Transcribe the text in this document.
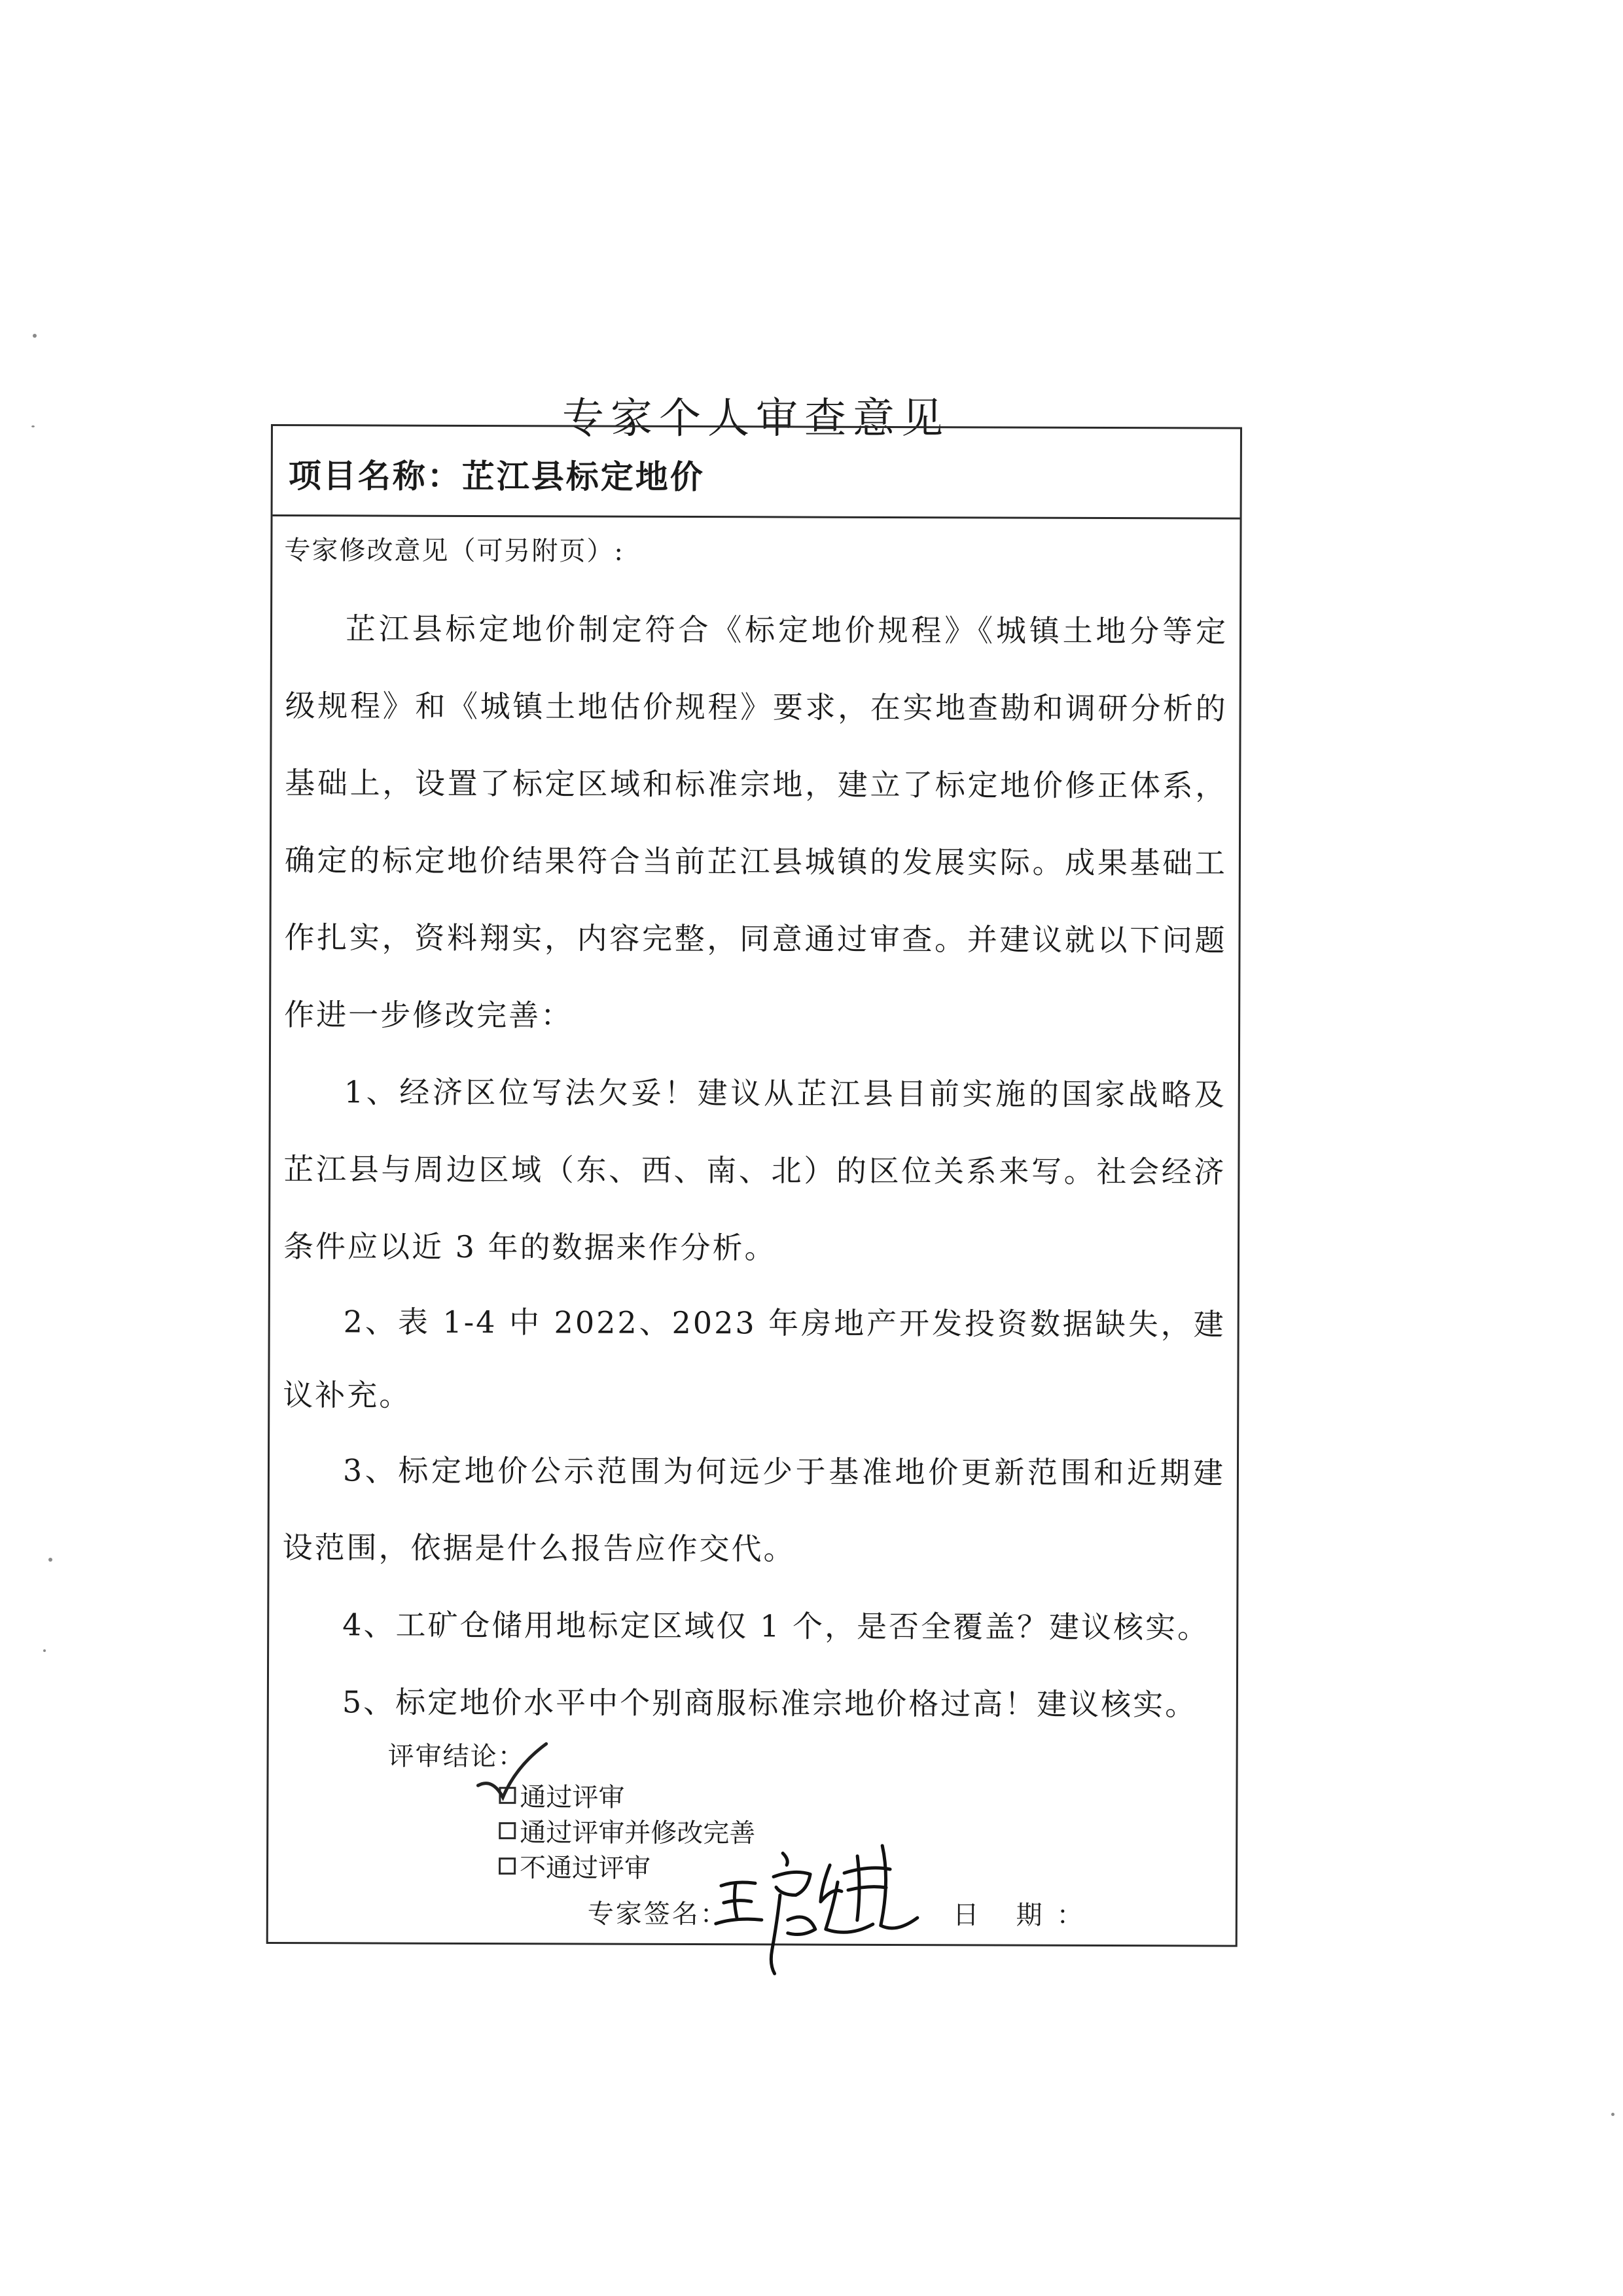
专家个人审查意见
项目名称：芷江县标定地价
专家修改意见（可另附页）:

芷江县标定地价制定符合《标定地价规程》《城镇土地分等定级规程》和《城镇土地估价规程》要求，在实地查勘和调研分析的基础上，设置了标定区域和标准宗地，建立了标定地价修正体系，确定的标定地价结果符合当前芷江县城镇的发展实际。成果基础工作扎实，资料翔实，内容完整，同意通过审查。并建议就以下问题作进一步修改完善：

1、经济区位写法欠妥！建议从芷江县目前实施的国家战略及芷江县与周边区域（东、西、南、北）的区位关系来写。社会经济条件应以近 3 年的数据来作分析。

2、表 1-4 中 2022、2023 年房地产开发投资数据缺失，建议补充。

3、标定地价公示范围为何远少于基准地价更新范围和近期建设范围，依据是什么报告应作交代。

4、工矿仓储用地标定区域仅 1 个，是否全覆盖？建议核实。

5、标定地价水平中个别商服标准宗地价格过高！建议核实。

评审结论：
通过评审
通过评审并修改完善
不通过评审
专家签名：	日 期：
